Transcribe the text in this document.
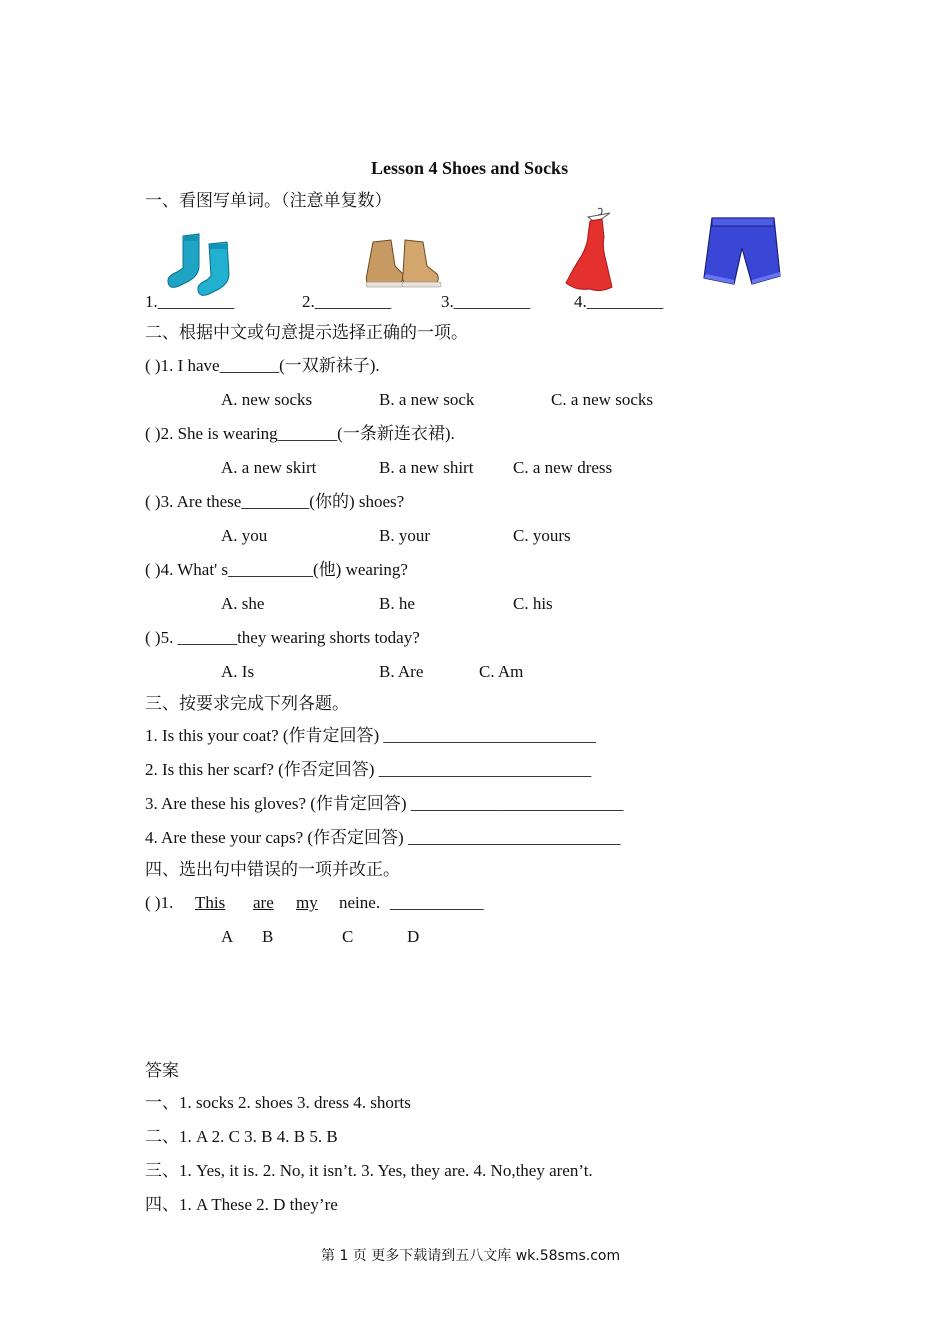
Lesson 4 Shoes and Socks
一、看图写单词。（注意单复数）
1._________	2._________	3._________	4._________
二、根据中文或句意提示选择正确的一项。
( )1. I have_______(一双新袜子).
A. new socks	B. a new sock	C. a new socks
( )2. She is wearing_______(一条新连衣裙).
A. a new skirt	B. a new shirt C. a new dress
( )3. Are these________(你的) shoes?
A. you	B. your	C. yours
( )4. What' s__________(他) wearing?
A. she	B. he	C. his
( )5. _______they wearing shorts today?
A. Is	B. Are	C. Am
三、按要求完成下列各题。
1. Is this your coat? (作肯定回答) _________________________
2. Is this her scarf? (作否定回答) _________________________
3. Are these his gloves? (作肯定回答) _________________________
4. Are these your caps? (作否定回答) _________________________
四、选出句中错误的一项并改正。
( )1. This are my neine. ___________
A B	C	D
答案
一、1. socks 2. shoes 3. dress 4. shorts
二、1. A 2. C 3. B 4. B 5. B
三、1. Yes, it is. 2. No, it isn’t. 3. Yes, they are. 4. No,they aren’t.
四、1. A These 2. D they’re
第 1 页 更多下载请到五八文库 wk.58sms.com
